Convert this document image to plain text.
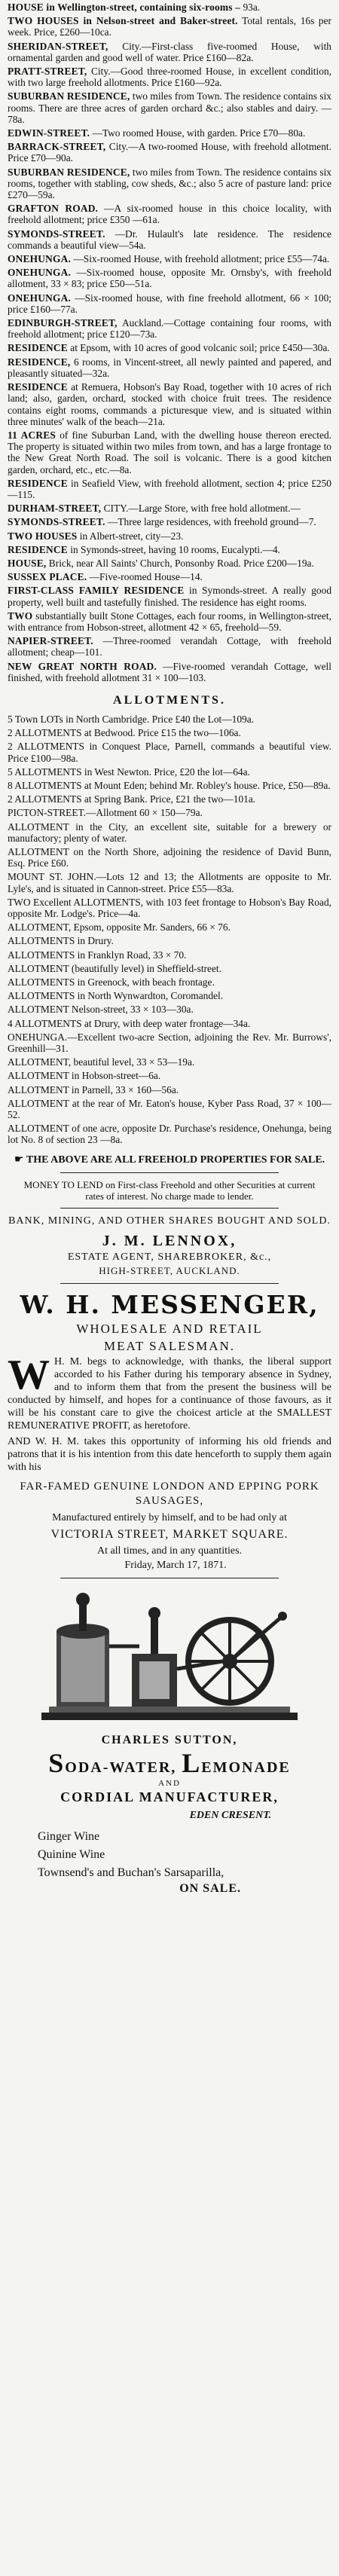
HOUSE in Wellington-street, containing six-rooms – 93a.

TWO HOUSES in Nelson-street and Baker-street. Total rentals, 16s per week. Price, £260—10ca.

SHERIDAN-STREET, City.—First-class five-roomed House, with ornamental garden and good well of water. Price £160—82a.

PRATT-STREET, City.—Good three-roomed House, in excellent condition, with two large freehold allotments. Price £160—92a.

SUBURBAN RESIDENCE, two miles from Town. The residence contains six rooms. There are three acres of garden orchard &c.; also stables and dairy. —78a.

EDWIN-STREET. —Two roomed House, with garden. Price £70—80a.

BARRACK-STREET, City.—A two-roomed House, with freehold allotment. Price £70—90a.

SUBURBAN RESIDENCE, two miles from Town. The residence contains six rooms, together with stabling, cow sheds, &c.; also 5 acre of pasture land: price £270—59a.

GRAFTON ROAD. —A six-roomed house in this choice locality, with freehold allotment; price £350 —61a.

SYMONDS-STREET. —Dr. Hulault's late residence. The residence commands a beautiful view—54a.

ONEHUNGA. —Six-roomed House, with freehold allotment; price £55—74a.

ONEHUNGA. —Six-roomed house, opposite Mr. Ornsby's, with freehold allotment, 33 × 83; price £50—51a.

ONEHUNGA. —Six-roomed house, with fine freehold allotment, 66 × 100; price £160—77a.

EDINBURGH-STREET, Auckland.—Cottage containing four rooms, with freehold allotment; price £120—73a.

RESIDENCE at Epsom, with 10 acres of good volcanic soil; price £450—30a.

RESIDENCE, 6 rooms, in Vincent-street, all newly painted and papered, and pleasantly situated—32a.

RESIDENCE at Remuera, Hobson's Bay Road, together with 10 acres of rich land; also, garden, orchard, stocked with choice fruit trees. The residence contains eight rooms, commands a picturesque view, and is situated within three minutes' walk of the beach—21a.

11 ACRES of fine Suburban Land, with the dwelling house thereon erected. The property is situated within two miles from town, and has a large frontage to the New Great North Road. The soil is volcanic. There is a good kitchen garden, orchard, etc., etc.—8a.

RESIDENCE in Seafield View, with freehold allotment, section 4; price £250—115.

DURHAM-STREET, CITY.—Large Store, with free hold allotment.—

SYMONDS-STREET. —Three large residences, with freehold ground—7.

TWO HOUSES in Albert-street, city—23.

RESIDENCE in Symonds-street, having 10 rooms, Eucalypti.—4.

HOUSE, Brick, near All Saints' Church, Ponsonby Road. Price £200—19a.

SUSSEX PLACE. —Five-roomed House—14.

FIRST-CLASS FAMILY RESIDENCE in Symonds-street. A really good property, well built and tastefully finished. The residence has eight rooms.

TWO substantially built Stone Cottages, each four rooms, in Wellington-street, with entrance from Hobson-street, allotment 42 × 65, freehold—59.

NAPIER-STREET. —Three-roomed verandah Cottage, with freehold allotment; cheap—101.

NEW GREAT NORTH ROAD. —Five-roomed verandah Cottage, well finished, with freehold allotment 31 × 100—103.

ALLOTMENTS.

5 Town LOTs in North Cambridge. Price £40 the Lot—109a.

2 ALLOTMENTS at Bedwood. Price £15 the two—106a.

2 ALLOTMENTS in Conquest Place, Parnell, commands a beautiful view. Price £100—98a.

5 ALLOTMENTS in West Newton. Price, £20 the lot—64a.

8 ALLOTMENTS at Mount Eden; behind Mr. Robley's house. Price, £50—89a.

2 ALLOTMENTS at Spring Bank. Price, £21 the two—101a.

PICTON-STREET.—Allotment 60 × 150—79a.

ALLOTMENT in the City, an excellent site, suitable for a brewery or manufactory; plenty of water.

ALLOTMENT on the North Shore, adjoining the residence of David Bunn, Esq. Price £60.

MOUNT ST. JOHN.—Lots 12 and 13; the Allotments are opposite to Mr. Lyle's, and is situated in Cannon-street. Price £55—83a.

TWO Excellent ALLOTMENTS, with 103 feet frontage to Hobson's Bay Road, opposite Mr. Lodge's. Price—4a.

ALLOTMENT, Epsom, opposite Mr. Sanders, 66 × 76.

ALLOTMENTS in Drury.

ALLOTMENTS in Franklyn Road, 33 × 70.

ALLOTMENT (beautifully level) in Sheffield-street.

ALLOTMENTS in Greenock, with beach frontage.

ALLOTMENTS in North Wynwardton, Coromandel.

ALLOTMENT Nelson-street, 33 × 103—30a.

4 ALLOTMENTS at Drury, with deep water frontage—34a.

ONEHUNGA.—Excellent two-acre Section, adjoining the Rev. Mr. Burrows', Greenhill—31.

ALLOTMENT, beautiful level, 33 × 53—19a.

ALLOTMENT in Hobson-street—6a.

ALLOTMENT in Parnell, 33 × 160—56a.

ALLOTMENT at the rear of Mr. Eaton's house, Kyber Pass Road, 37 × 100—52.

ALLOTMENT of one acre, opposite Dr. Purchase's residence, Onehunga, being lot No. 8 of section 23 —8a.

☛ THE ABOVE ARE ALL FREEHOLD PROPERTIES FOR SALE.
MONEY TO LEND on First-class Freehold and other Securities at current rates of interest. No charge made to lender.
BANK, MINING, AND OTHER SHARES BOUGHT AND SOLD.
J. M. LENNOX,
ESTATE AGENT, SHAREBROKER, &c.,
HIGH-STREET, AUCKLAND.
W. H. MESSENGER,
WHOLESALE AND RETAIL
MEAT SALESMAN.

W H. M. begs to acknowledge, with thanks, the liberal support accorded to his Father during his temporary absence in Sydney, and to inform them that from the present the business will be conducted by himself, and hopes for a continuance of those favours, as it will be his constant care to give the choicest article at the SMALLEST REMUNERATIVE PROFIT, as heretofore.

AND W. H. M. takes this opportunity of informing his old friends and patrons that it is his intention from this date henceforth to supply them again with his

FAR-FAMED GENUINE LONDON AND EPPING PORK SAUSAGES,
Manufactured entirely by himself, and to be had only at
VICTORIA STREET, MARKET SQUARE.

At all times, and in any quantities.

Friday, March 17, 1871.

CHARLES SUTTON,
SODA-WATER, LEMONADE
AND
CORDIAL MANUFACTURER,
EDEN CRESENT.

Ginger Wine

Quinine Wine

Townsend's and Buchan's Sarsaparilla,

ON SALE.
